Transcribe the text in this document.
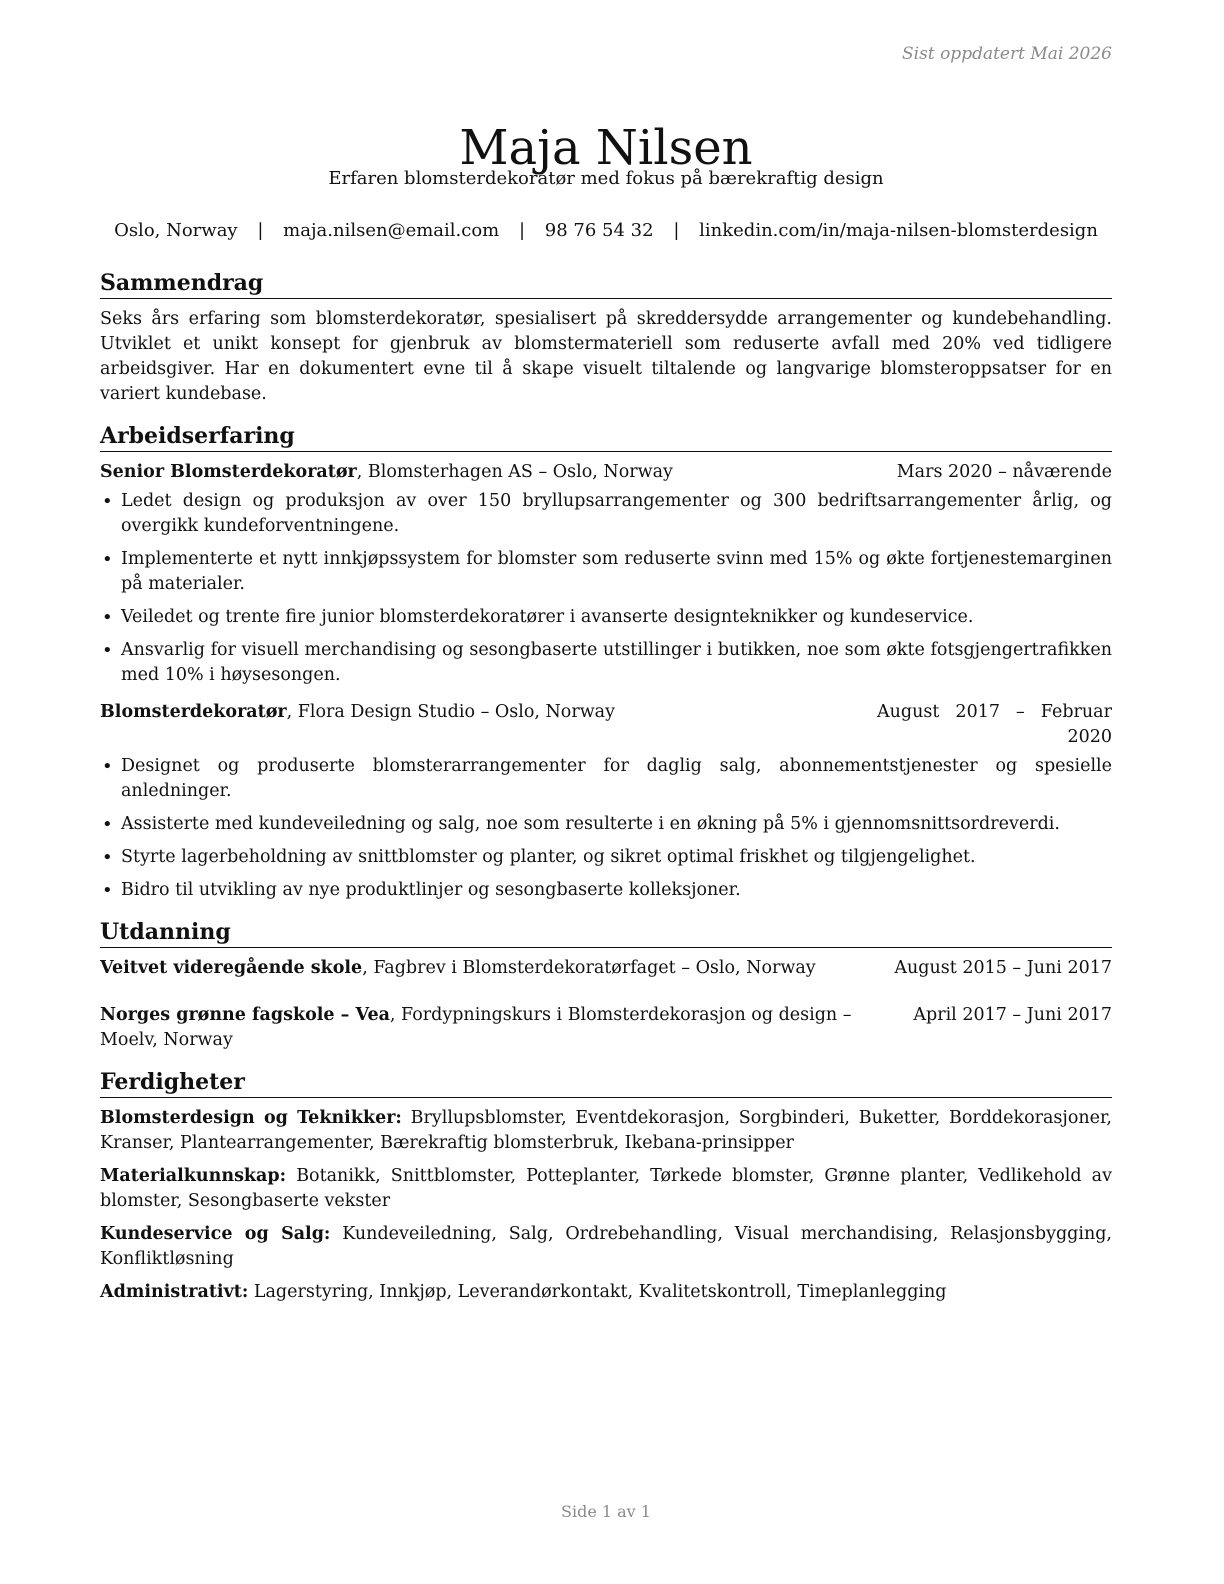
Sist oppdatert Mai 2026
Maja Nilsen
Erfaren blomsterdekoratør med fokus på bærekraftig design
Oslo, Norway | maja.nilsen@email.com | 98 76 54 32 | linkedin.com/in/maja-nilsen-blomsterdesign
Sammendrag

Seks års erfaring som blomsterdekoratør, spesialisert på skreddersydde arrangementer og kundebehandling. Utviklet et unikt konsept for gjenbruk av blomstermateriell som reduserte avfall med 20% ved tidligere arbeidsgiver. Har en dokumentert evne til å skape visuelt tiltalende og langvarige blomsteroppsatser for en variert kundebase.

Arbeidserfaring
Senior Blomsterdekoratør, Blomsterhagen AS – Oslo, Norway	Mars 2020 – nåværende
• Ledet design og produksjon av over 150 bryllupsarrangementer og 300 bedriftsarrangementer årlig, og overgikk kundeforventningene.
• Implementerte et nytt innkjøpssystem for blomster som reduserte svinn med 15% og økte fortjenestemarginen på materialer.
• Veiledet og trente fire junior blomsterdekoratører i avanserte designteknikker og kundeservice.
• Ansvarlig for visuell merchandising og sesongbaserte utstillinger i butikken, noe som økte fotsgjengertrafikken med 10% i høysesongen.
Blomsterdekoratør, Flora Design Studio – Oslo, Norway	August 2017 – Februar 2020
• Designet og produserte blomsterarrangementer for daglig salg, abonnementstjenester og spesielle anledninger.
• Assisterte med kundeveiledning og salg, noe som resulterte i en økning på 5% i gjennomsnittsordreverdi.
• Styrte lagerbeholdning av snittblomster og planter, og sikret optimal friskhet og tilgjengelighet.
• Bidro til utvikling av nye produktlinjer og sesongbaserte kolleksjoner.
Utdanning
Veitvet videregående skole, Fagbrev i Blomsterdekoratørfaget – Oslo, Norway	August 2015 – Juni 2017
Norges grønne fagskole – Vea, Fordypningskurs i Blomsterdekorasjon og design – Moelv, Norway
April 2017 – Juni 2017
Ferdigheter
Blomsterdesign og Teknikker: Bryllupsblomster, Eventdekorasjon, Sorgbinderi, Buketter, Borddekorasjoner, Kranser, Plantearrangementer, Bærekraftig blomsterbruk, Ikebana-prinsipper
Materialkunnskap: Botanikk, Snittblomster, Potteplanter, Tørkede blomster, Grønne planter, Vedlikehold av blomster, Sesongbaserte vekster
Kundeservice og Salg: Kundeveiledning, Salg, Ordrebehandling, Visual merchandising, Relasjonsbygging, Konfliktløsning
Administrativt: Lagerstyring, Innkjøp, Leverandørkontakt, Kvalitetskontroll, Timeplanlegging
Side 1 av 1
